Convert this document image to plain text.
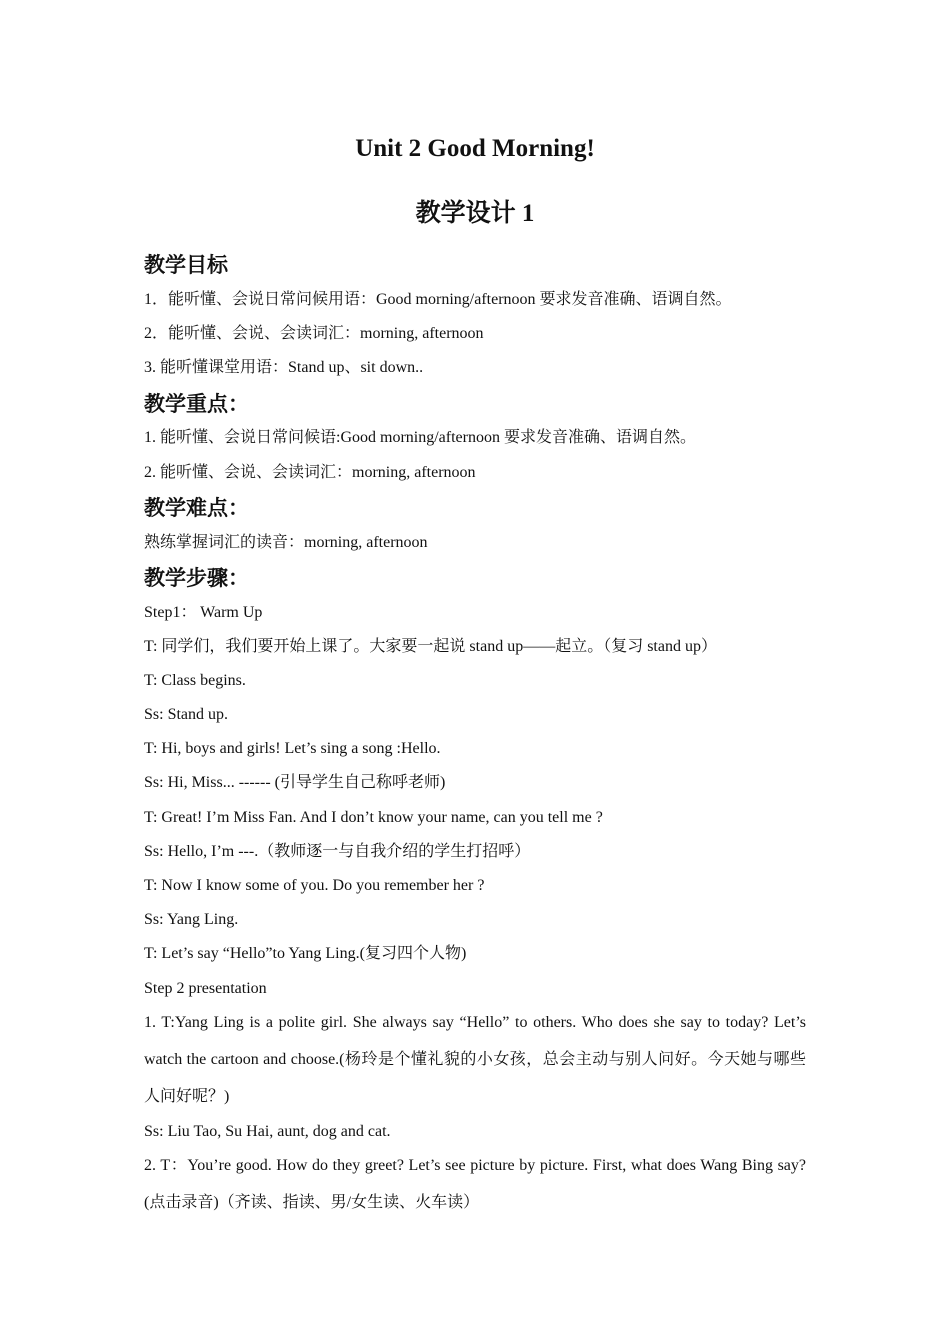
Unit 2 Good Morning!
教学设计 1
教学目标

1．能听懂、会说日常问候用语：Good morning/afternoon 要求发音准确、语调自然。

2．能听懂、会说、会读词汇：morning, afternoon

3. 能听懂课堂用语：Stand up、sit down..

教学重点：

1. 能听懂、会说日常问候语:Good morning/afternoon 要求发音准确、语调自然。

2. 能听懂、会说、会读词汇：morning, afternoon

教学难点：

熟练掌握词汇的读音：morning, afternoon

教学步骤：

Step1： Warm Up

T: 同学们，我们要开始上课了。大家要一起说 stand up——起立。（复习 stand up）

T: Class begins.

Ss: Stand up.

T: Hi, boys and girls! Let’s sing a song :Hello.

Ss: Hi, Miss... ------ (引导学生自己称呼老师)

T: Great! I’m Miss Fan. And I don’t know your name, can you tell me ?

Ss: Hello, I’m ---.（教师逐一与自我介绍的学生打招呼）

T: Now I know some of you. Do you remember her ?

Ss: Yang Ling.

T: Let’s say “Hello”to Yang Ling.(复习四个人物)

Step 2 presentation

1. T:Yang Ling is a polite girl. She always say “Hello” to others. Who does she say to today? Let’s watch the cartoon and choose.(杨玲是个懂礼貌的小女孩，总会主动与别人问好。今天她与哪些人问好呢？)

Ss: Liu Tao, Su Hai, aunt, dog and cat.

2. T：You’re good. How do they greet? Let’s see picture by picture. First, what does Wang Bing say?(点击录音)（齐读、指读、男/女生读、火车读）
